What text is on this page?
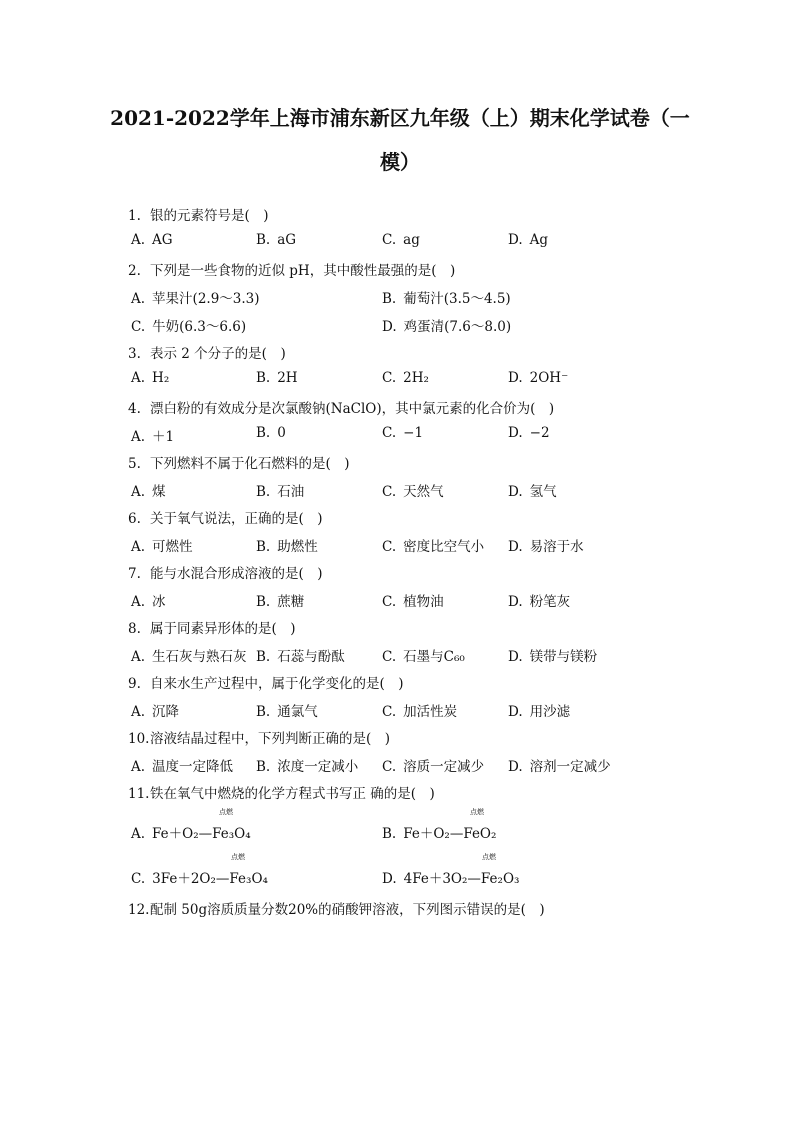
2021-2022学年上海市浦东新区九年级（上）期末化学试卷（一
模）
1. 银的元素符号是(　)
A. AG	B. aG	C. ag	D. Ag
2. 下列是一些食物的近似 pH，其中酸性最强的是(　)
A. 苹果汁(2.9～3.3)	B. 葡萄汁(3.5～4.5)
C. 牛奶(6.3～6.6)	D. 鸡蛋清(7.6～8.0)
3. 表示 2 个分子的是(　)
A. H₂	B. 2H	C. 2H₂	D. 2OH⁻
4. 漂白粉的有效成分是次氯酸钠(NaClO)，其中氯元素的化合价为(　)
A. ＋1	B. 0	C. −1	D. −2
5. 下列燃料不属于化石燃料的是(　)
A. 煤	B. 石油	C. 天然气	D. 氢气
6. 关于氧气说法，正确的是(　)
A. 可燃性	B. 助燃性	C. 密度比空气小 D. 易溶于水
7. 能与水混合形成溶液的是(　)
A. 冰	B. 蔗糖	C. 植物油	D. 粉笔灰
8. 属于同素异形体的是(　)
A. 生石灰与熟石灰 B. 石蕊与酚酞	C. 石墨与C₆₀	D. 镁带与镁粉
9. 自来水生产过程中，属于化学变化的是(　)
A. 沉降	B. 通氯气	C. 加活性炭	D. 用沙滤
10.溶液结晶过程中，下列判断正确的是(　)
A. 温度一定降低 B. 浓度一定减小 C. 溶质一定减少 D. 溶剂一定减少
11.铁在氧气中燃烧的化学方程式书写正 确的是(　)
A. Fe＋O₂—Fe₃O₄
点燃
B. Fe＋O₂—FeO₂
点燃
C. 3Fe＋2O₂—Fe₃O₄
点燃
D. 4Fe＋3O₂—Fe₂O₃
点燃
12.配制 50g溶质质量分数20%的硝酸钾溶液，下列图示错误的是(　)
